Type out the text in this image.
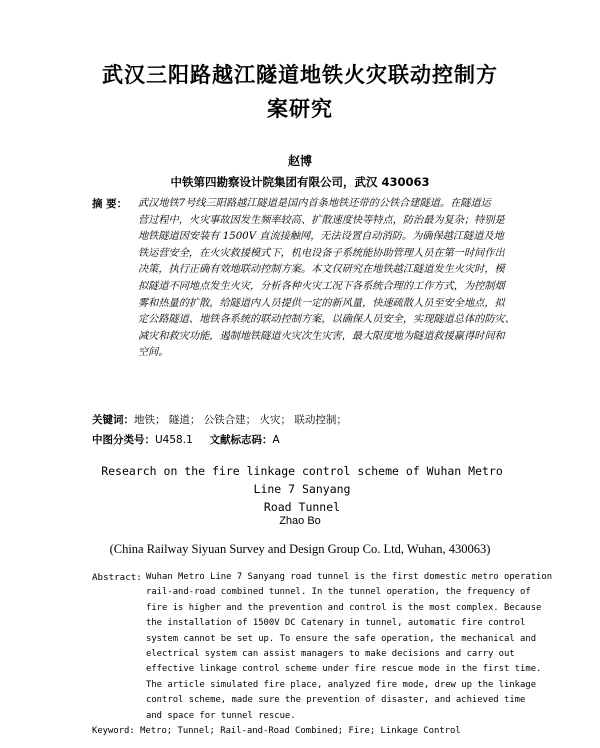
武汉三阳路越江隧道地铁火灾联动控制方
案研究
赵博
中铁第四勘察设计院集团有限公司，武汉 430063
摘 要：	武汉地铁7号线三阳路越江隧道是国内首条地铁还带的公铁合建隧道。在隧道运
营过程中，火灾事故因发生频率较高、扩散速度快等特点，防治最为复杂；特别是
地铁隧道因安装有 1500V 直流接触网，无法设置自动消防。为确保越江隧道及地
铁运营安全，在火灾救援模式下，机电设备子系统能协助管理人员在第一时间作出
决策，执行正确有效地联动控制方案。本文仅研究在地铁越江隧道发生火灾时，模
拟隧道不同地点发生火灾，分析各种火灾工况下各系统合理的工作方式，为控制烟
雾和热量的扩散，给隧道内人员提供一定的新风量，快速疏散人员至安全地点，拟
定公路隧道、地铁各系统的联动控制方案，以确保人员安全，实现隧道总体的防灾、
减灾和救灾功能，遏制地铁隧道火灾次生灾害，最大限度地为隧道救援赢得时间和
空间。
关键词：地铁； 隧道； 公铁合建； 火灾； 联动控制；
中图分类号：U458.1 文献标志码：A
Research on the fire linkage control scheme of Wuhan Metro Line 7 Sanyang
Road Tunnel
Zhao Bo
(China Railway Siyuan Survey and Design Group Co. Ltd, Wuhan, 430063)
Abstract: Wuhan Metro Line 7 Sanyang road tunnel is the first domestic metro operation
rail-and-road combined tunnel. In the tunnel operation, the frequency of
fire is higher and the prevention and control is the most complex. Because
the installation of 1500V DC Catenary in tunnel, automatic fire control
system cannot be set up. To ensure the safe operation, the mechanical and
electrical system can assist managers to make decisions and carry out
effective linkage control scheme under fire rescue mode in the first time.
The article simulated fire place, analyzed fire mode, drew up the linkage
control scheme, made sure the prevention of disaster, and achieved time
and space for tunnel rescue.
Keyword: Metro; Tunnel; Rail-and-Road Combined; Fire; Linkage Control
